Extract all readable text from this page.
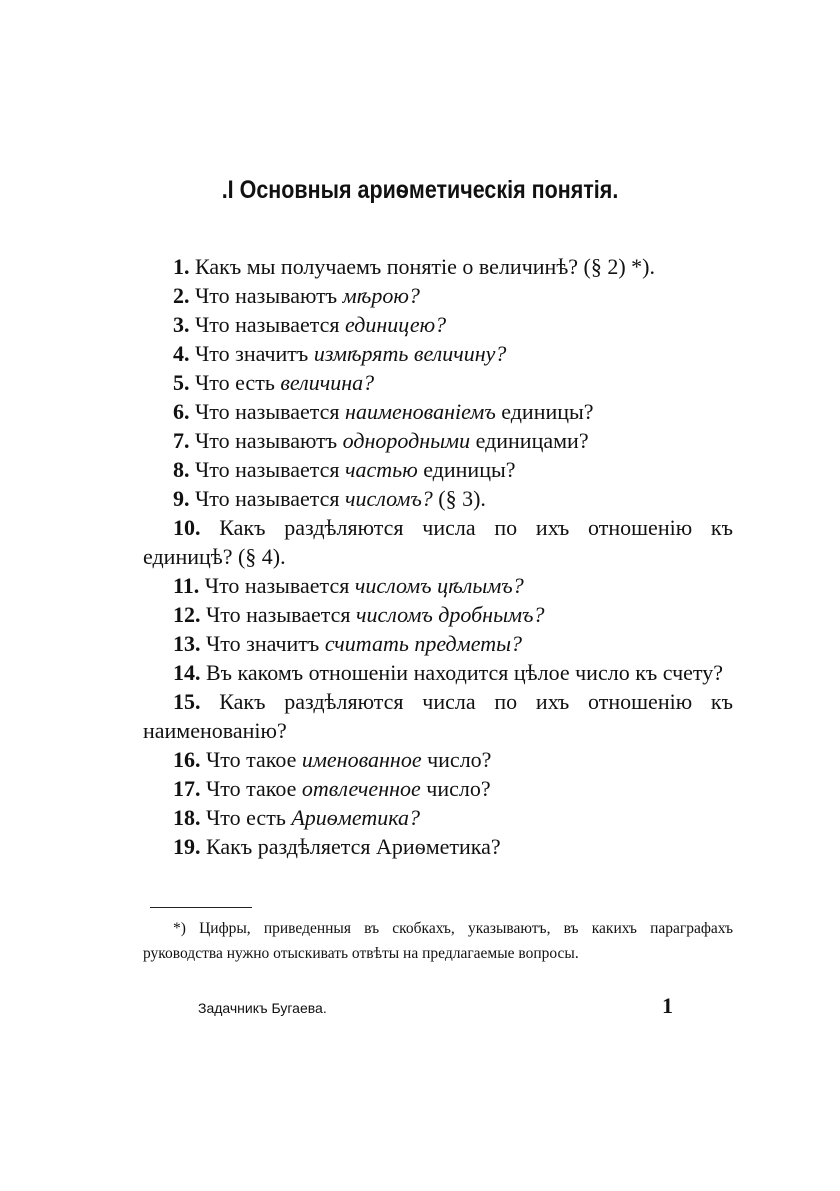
.I Основныя ариѳметическія понятія.

1. Какъ мы получаемъ понятіе о величинѣ? (§ 2) *).

2. Что называютъ мѣрою?

3. Что называется единицею?

4. Что значитъ измѣрять величину?

5. Что есть величина?

6. Что называется наименованіемъ единицы?

7. Что называютъ однородными единицами?

8. Что называется частью единицы?

9. Что называется числомъ? (§ 3).

10. Какъ раздѣляются числа по ихъ отношенію къ единицѣ? (§ 4).

11. Что называется числомъ цѣлымъ?

12. Что называется числомъ дробнымъ?

13. Что значитъ считать предметы?

14. Въ какомъ отношеніи находится цѣлое число къ счету?

15. Какъ раздѣляются числа по ихъ отношенію къ наименованію?

16. Что такое именованное число?

17. Что такое отвлеченное число?

18. Что есть Ариѳметика?

19. Какъ раздѣляется Ариѳметика?

*) Цифры, приведенныя въ скобкахъ, указываютъ, въ какихъ параграфахъ руководства нужно отыскивать отвѣты на предлагаемые вопросы.

Задачникъ Бугаева.	1
